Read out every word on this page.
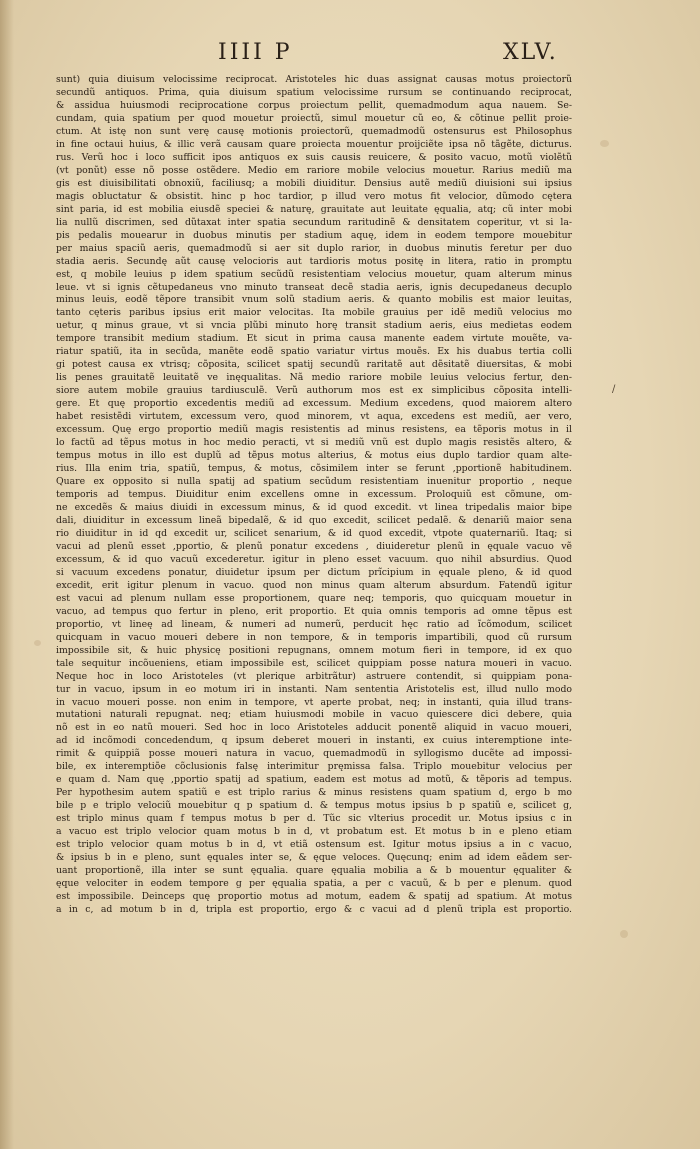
IIII P	XLV.
/
sunt) quia diuisum velocissime reciprocat. Aristoteles hic duas assignat causas motus proiectorũ
secundũ antiquos. Prima, quia diuisum spatium velocissime rursum se continuando reciprocat,
& assidua huiusmodi reciprocatione corpus proiectum pellit, quemadmodum aqua nauem. Se-
cundam, quia spatium per quod mouetur proiectũ, simul mouetur cũ eo, & cõtinue pellit proie-
ctum. At istę non sunt verę causę motionis proiectorũ, quemadmodũ ostensurus est Philosophus
in fine octaui huius, & illic verã causam quare proiecta mouentur proijciẽte ipsa nõ tãgẽte, dicturus.
rus. Verũ hoc i loco sufficit ipos antiquos ex suis causis reuicere, & posito vacuo, motũ violẽtũ
(vt ponũt) esse nõ posse ostẽdere. Medio em rariore mobile velocius mouetur. Rarius mediũ ma
gis est diuisibilitati obnoxiũ, faciliusq; a mobili diuiditur. Densius autẽ mediũ diuisioni sui ipsius
magis obluctatur & obsistit. hinc p hoc tardior, p illud vero motus fit velocior, dũmodo cętera
sint paria, id est mobilia eiusdẽ speciei & naturę, grauitate aut leuitate ęqualia, atq; cũ inter mobi
lia nullũ discrimen, sed dũtaxat inter spatia secundum raritudinẽ & densitatem coperitur, vt si la-
pis pedalis mouearur in duobus minutis per stadium aquę, idem in eodem tempore mouebitur
per maius spaciũ aeris, quemadmodũ si aer sit duplo rarior, in duobus minutis feretur per duo
stadia aeris. Secundę aũt causę velocioris aut tardioris motus positę in litera, ratio in promptu
est, q mobile leuius p idem spatium secũdũ resistentiam velocius mouetur, quam alterum minus
leue. vt si ignis cẽtupedaneus vno minuto transeat decẽ stadia aeris, ignis decupedaneus decuplo
minus leuis, eodẽ tẽpore transibit vnum solũ stadium aeris. & quanto mobilis est maior leuitas,
tanto cęteris paribus ipsius erit maior velocitas. Ita mobile grauius per idẽ mediũ velocius mo
uetur, q minus graue, vt si vncia plũbi minuto horę transit stadium aeris, eius medietas eodem
tempore transibit medium stadium. Et sicut in prima causa manente eadem virtute mouẽte, va-
riatur spatiũ, ita in secũda, manẽte eodẽ spatio variatur virtus mouẽs. Ex his duabus tertia colli
gi potest causa ex vtrisq; cõposita, scilicet spatij secundũ raritatẽ aut dẽsitatẽ diuersitas, & mobi
lis penes grauitatẽ leuitatẽ ve inęqualitas. Nã medio rariore mobile leuius velocius fertur, den-
siore autem mobile grauius tardiusculẽ. Verũ authorum mos est ex simplicibus cõposita intelli-
gere. Et quę proportio excedentis mediũ ad excessum. Medium excedens, quod maiorem altero
habet resistẽdi virtutem, excessum vero, quod minorem, vt aqua, excedens est mediũ, aer vero,
excessum. Quę ergo proportio mediũ magis resistentis ad minus resistens, ea tẽporis motus in il
lo factũ ad tẽpus motus in hoc medio peracti, vt si mediũ vnũ est duplo magis resistẽs altero, &
tempus motus in illo est duplũ ad tẽpus motus alterius, & motus eius duplo tardior quam alte-
rius. Illa enim tria, spatiũ, tempus, & motus, cõsimilem inter se ferunt ,pportionẽ habitudinem.
Quare ex opposito si nulla spatij ad spatium secũdum resistentiam inuenitur proportio , neque
temporis ad tempus. Diuiditur enim excellens omne in excessum. Proloquiũ est cõmune, om-
ne excedẽs & maius diuidi in excessum minus, & id quod excedit. vt linea tripedalis maior bipe
dali, diuiditur in excessum lineã bipedalẽ, & id quo excedit, scilicet pedalẽ. & denariũ maior sena
rio diuiditur in id qd excedit ur, scilicet senarium, & id quod excedit, vtpote quaternariũ. Itaq; si
vacui ad plenũ esset ,pportio, & plenũ ponatur excedens , diuideretur plenũ in ęquale vacuo vẽ
excessum, & id quo vacuũ excederetur. igitur in pleno esset vacuum. quo nihil absurdius. Quod
si vacuum excedens ponatur, diuidetur ipsum per dictum prĩcipium in ęquale pleno, & id quod
excedit, erit igitur plenum in vacuo. quod non minus quam alterum absurdum. Fatendũ igitur
est vacui ad plenum nullam esse proportionem, quare neq; temporis, quo quicquam mouetur in
vacuo, ad tempus quo fertur in pleno, erit proportio. Et quia omnis temporis ad omne tẽpus est
proportio, vt lineę ad lineam, & numeri ad numerũ, perducit hęc ratio ad ĩcõmodum, scilicet
quicquam in vacuo moueri debere in non tempore, & in temporis impartibili, quod cũ rursum
impossibile sit, & huic physicę positioni repugnans, omnem motum fieri in tempore, id ex quo
tale sequitur incõueniens, etiam impossibile est, scilicet quippiam posse natura moueri in vacuo.
Neque hoc in loco Aristoteles (vt plerique arbitrãtur) astruere contendit, si quippiam pona-
tur in vacuo, ipsum in eo motum iri in instanti. Nam sententia Aristotelis est, illud nullo modo
in vacuo moueri posse. non enim in tempore, vt aperte probat, neq; in instanti, quia illud trans-
mutationi naturali repugnat. neq; etiam huiusmodi mobile in vacuo quiescere dici debere, quia
nõ est in eo natũ moueri. Sed hoc in loco Aristoteles adducit ponentẽ aliquid in vacuo moueri,
ad id incõmodi concedendum, q ipsum deberet moueri in instanti, ex cuius interemptione inte-
rimit & quippiã posse moueri natura in vacuo, quemadmodũ in syllogismo ducẽte ad impossi-
bile, ex interemptiõe cõclusionis falsę interimitur pręmissa falsa. Triplo mouebitur velocius per
e quam d. Nam quę ,pportio spatij ad spatium, eadem est motus ad motũ, & tẽporis ad tempus.
Per hypothesim autem spatiũ e est triplo rarius & minus resistens quam spatium d, ergo b mo
bile p e triplo velociũ mouebitur q p spatium d. & tempus motus ipsius b p spatiũ e, scilicet g,
est triplo minus quam f tempus motus b per d. Tũc sic vlterius procedit ur. Motus ipsius c in
a vacuo est triplo velocior quam motus b in d, vt probatum est. Et motus b in e pleno etiam
est triplo velocior quam motus b in d, vt etiã ostensum est. Igitur motus ipsius a in c vacuo,
& ipsius b in e pleno, sunt ęquales inter se, & ęque veloces. Quęcunq; enim ad idem eãdem ser-
uant proportionẽ, illa inter se sunt ęqualia. quare ęqualia mobilia a & b mouentur ęqualiter &
ęque velociter in eodem tempore g per ęqualia spatia, a per c vacuũ, & b per e plenum. quod
est impossibile. Deinceps quę proportio motus ad motum, eadem & spatij ad spatium. At motus
a in c, ad motum b in d, tripla est proportio, ergo & c vacui ad d plenũ tripla est proportio.
